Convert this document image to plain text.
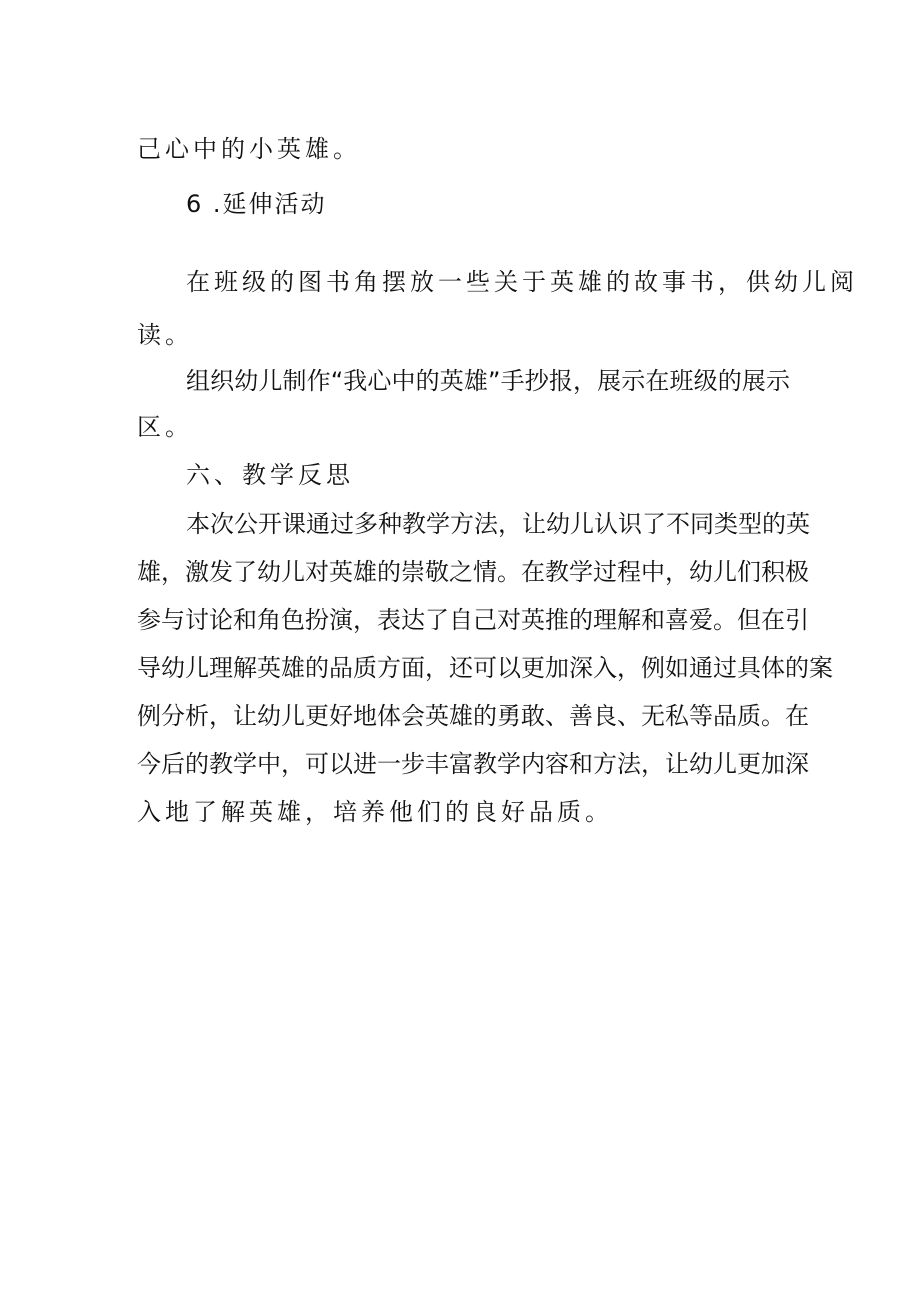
己心中的小英雄。
6 .延伸活动
在班级的图书角摆放一些关于英雄的故事书，供幼儿阅
读。
组织幼儿制作“我心中的英雄”手抄报，展示在班级的展示
区。
六、教学反思
本次公开课通过多种教学方法，让幼儿认识了不同类型的英
雄，激发了幼儿对英雄的崇敬之情。在教学过程中，幼儿们积极
参与讨论和角色扮演，表达了自己对英推的理解和喜爱。但在引
导幼儿理解英雄的品质方面，还可以更加深入，例如通过具体的案
例分析，让幼儿更好地体会英雄的勇敢、善良、无私等品质。在
今后的教学中，可以进一步丰富教学内容和方法，让幼儿更加深
入地了解英雄，培养他们的良好品质。
